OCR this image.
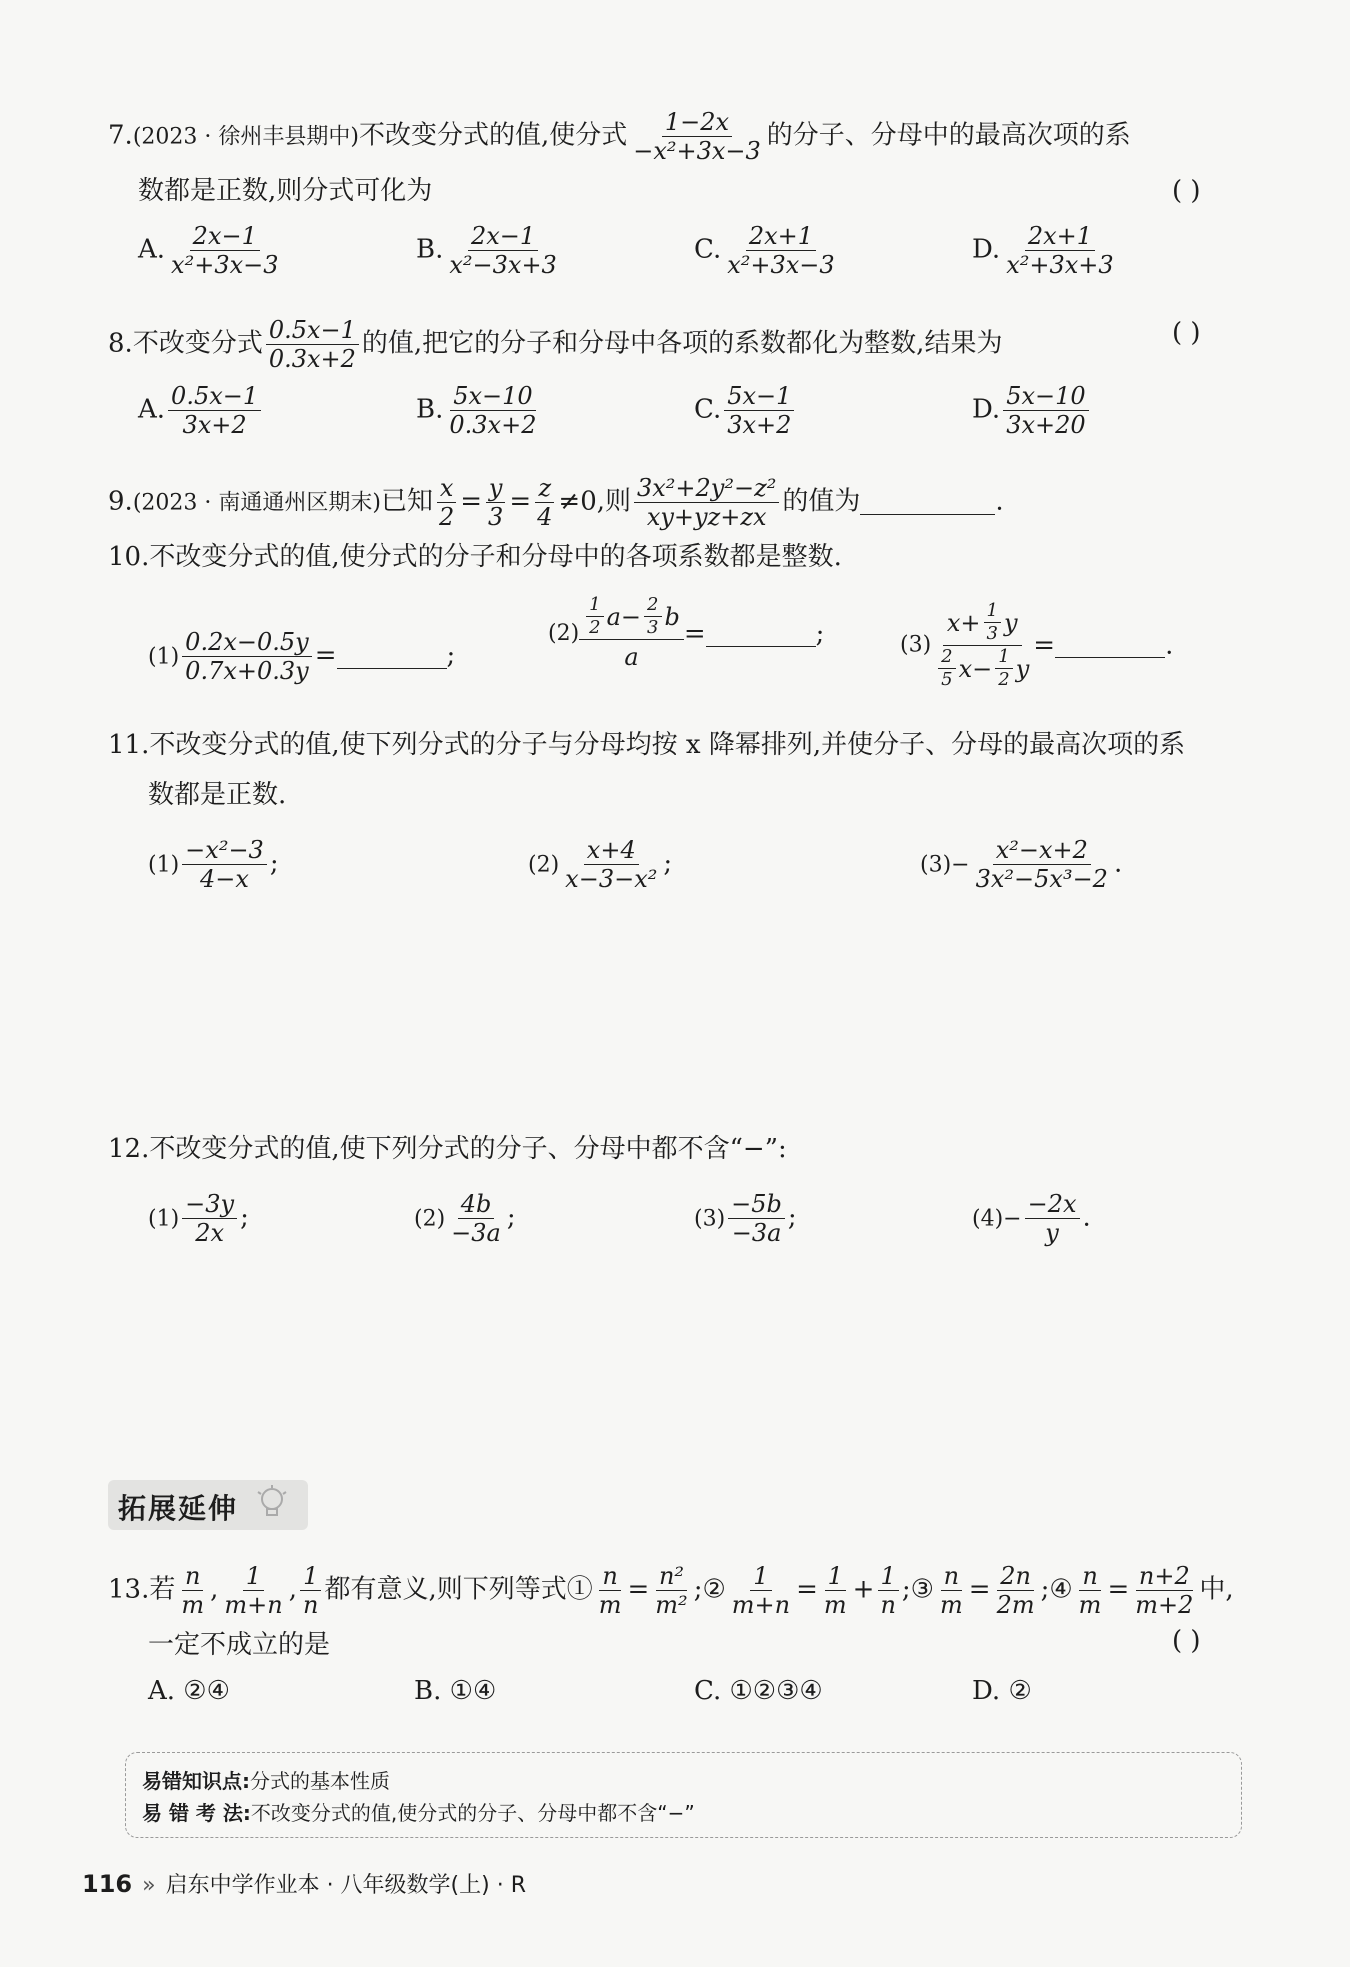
7.(2023 · 徐州丰县期中)不改变分式的值,使分式 $\frac{1-2x}{\text{−x²+3x−3}}$ 的分子、分母中的最高次项的系
数都是正数,则分式可化为	( )
A. $\frac{2x-1}{\text{x²+3x−3}}$	B. $\frac{2x-1}{\text{x²−3x+3}}$	C. $\frac{2x+1}{\text{x²+3x−3}}$	D. $\frac{2x+1}{\text{x²+3x+3}}$
8.不改变分式 $\frac{0.5x-1}{0.3x+2}$ 的值,把它的分子和分母中各项的系数都化为整数,结果为	( )
A. $\frac{0.5x-1}{3x+2}$	B. $\frac{5x-10}{0.3x+2}$	C. $\frac{5x-1}{3x+2}$	D. $\frac{5x-10}{3x+20}$
9.(2023 · 南通通州区期末)已知 $\frac{x}{2} = \frac{y}{3} = \frac{z}{4} \ne 0$,则 $\frac{\text{3x²+2y²−z²}}{xy+yz+zx}$ 的值为	.
10.不改变分式的值,使分式的分子和分母中的各项系数都是整数.
$(1) \frac{0.2x-0.5y}{0.7x+0.3y}$ =	;
$(2) \frac{\frac{1}{2} a- \frac{2}{3} b}{a}$ =	;	$(3) \frac{x+ \frac{1}{3} y}{\frac{2}{5} x- \frac{1}{2} y}$ =	.
11.不改变分式的值,使下列分式的分子与分母均按 x 降幂排列,并使分子、分母的最高次项的系
数都是正数.
$(1) \frac{\text{−x²−3}}{4-x}$ ;	$(2) \frac{x+4}{\text{x−3−x²}}$ ;	$(3)- \frac{\text{x²−x+2}}{\text{3x²−5x³−2}}$ .
12.不改变分式的值,使下列分式的分子、分母中都不含“−”:
$(1) \frac{-3y}{2x}$ ;	$(2) \frac{4b}{-3a}$ ;	$(3) \frac{-5b}{-3a}$ ;	$(4)- \frac{-2x}{y}$ .
拓展延伸
13.若 $\frac{n}{m}$ , $\frac{1}{m+n}$ , $\frac{1}{n}$ 都有意义,则下列等式① $\frac{n}{m} = \frac{\text{n²}}{\text{m²}}$ ;② $\frac{1}{m+n} = \frac{1}{m} + \frac{1}{n}$ ;③ $\frac{n}{m} = \frac{2n}{2m}$ ;④ $\frac{n}{m} = \frac{n+2}{m+2}$ 中,
一定不成立的是	( )
A. ②④	B. ①④	C. ①②③④	D. ②
易错知识点:分式的基本性质
易 错 考 法:不改变分式的值,使分式的分子、分母中都不含“−”
116 » 启东中学作业本 · 八年级数学(上) · R
